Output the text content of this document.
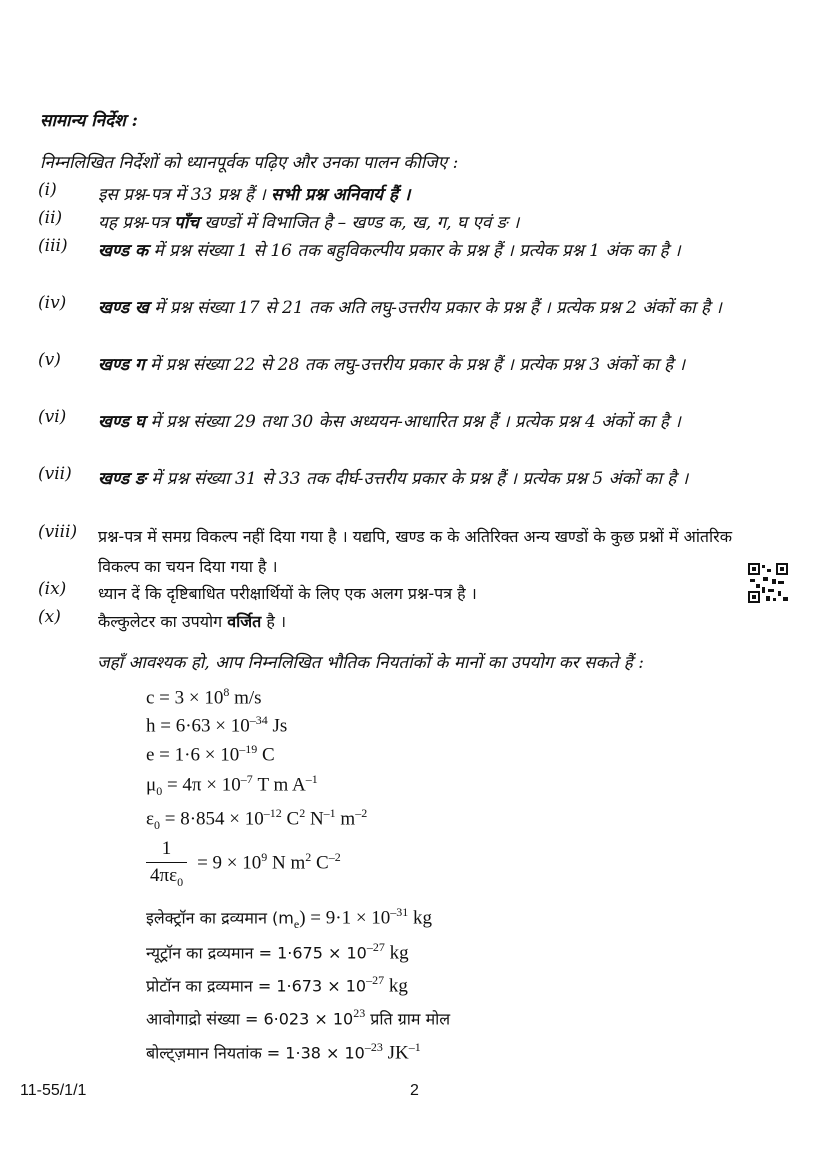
सामान्य निर्देश :
निम्नलिखित निर्देशों को ध्यानपूर्वक पढ़िए और उनका पालन कीजिए :
(i)	इस प्रश्न-पत्र में 33 प्रश्न हैं । सभी प्रश्न अनिवार्य हैं ।
(ii)	यह प्रश्न-पत्र पाँच खण्डों में विभाजित है – खण्ड क, ख, ग, घ एवं ङ ।
(iii)	खण्ड क में प्रश्न संख्या 1 से 16 तक बहुविकल्पीय प्रकार के प्रश्न हैं । प्रत्येक प्रश्न 1 अंक का है ।
(iv)	खण्ड ख में प्रश्न संख्या 17 से 21 तक अति लघु-उत्तरीय प्रकार के प्रश्न हैं । प्रत्येक प्रश्न 2 अंकों का है ।
(v)	खण्ड ग में प्रश्न संख्या 22 से 28 तक लघु-उत्तरीय प्रकार के प्रश्न हैं । प्रत्येक प्रश्न 3 अंकों का है ।
(vi)	खण्ड घ में प्रश्न संख्या 29 तथा 30 केस अध्ययन-आधारित प्रश्न हैं । प्रत्येक प्रश्न 4 अंकों का है ।
(vii)	खण्ड ङ में प्रश्न संख्या 31 से 33 तक दीर्घ-उत्तरीय प्रकार के प्रश्न हैं । प्रत्येक प्रश्न 5 अंकों का है ।
(viii)	प्रश्न-पत्र में समग्र विकल्प नहीं दिया गया है । यद्यपि, खण्ड क के अतिरिक्त अन्य खण्डों के कुछ प्रश्नों में आंतरिक विकल्प का चयन दिया गया है ।
(ix)	ध्यान दें कि दृष्टिबाधित परीक्षार्थियों के लिए एक अलग प्रश्न-पत्र है ।
(x)	कैल्कुलेटर का उपयोग वर्जित है ।
जहाँ आवश्यक हो, आप निम्नलिखित भौतिक नियतांकों के मानों का उपयोग कर सकते हैं :
$c = 3 \times 10^8$ m/s
$h = 6\cdot 63 \times 10^{-34}$ Js
$e = 1\cdot 6 \times 10^{-19}$ C
$\mu_0 = 4\pi \times 10^{-7}$ T m $A^{-1}$
$\varepsilon_0 = 8\cdot 854 \times 10^{-12}$ $C^2$ $N^{-1}$ $m^{-2}$
$\frac{1}{4\pi\varepsilon_0} = 9 \times 10^9$ N $m^2$ $C^{-2}$
इलेक्ट्रॉन का द्रव्यमान $(m_e) = 9\cdot 1 \times 10^{-31}$ kg
न्यूट्रॉन का द्रव्यमान = $1\cdot 675 \times 10^{-27}$ kg
प्रोटॉन का द्रव्यमान = $1\cdot 673 \times 10^{-27}$ kg
आवोगाद्रो संख्या = $6\cdot 023 \times 10^{23}$ प्रति ग्राम मोल
बोल्ट्ज़मान नियतांक = $1\cdot 38 \times 10^{-23}$ $JK^{-1}$
11-55/1/1	2
